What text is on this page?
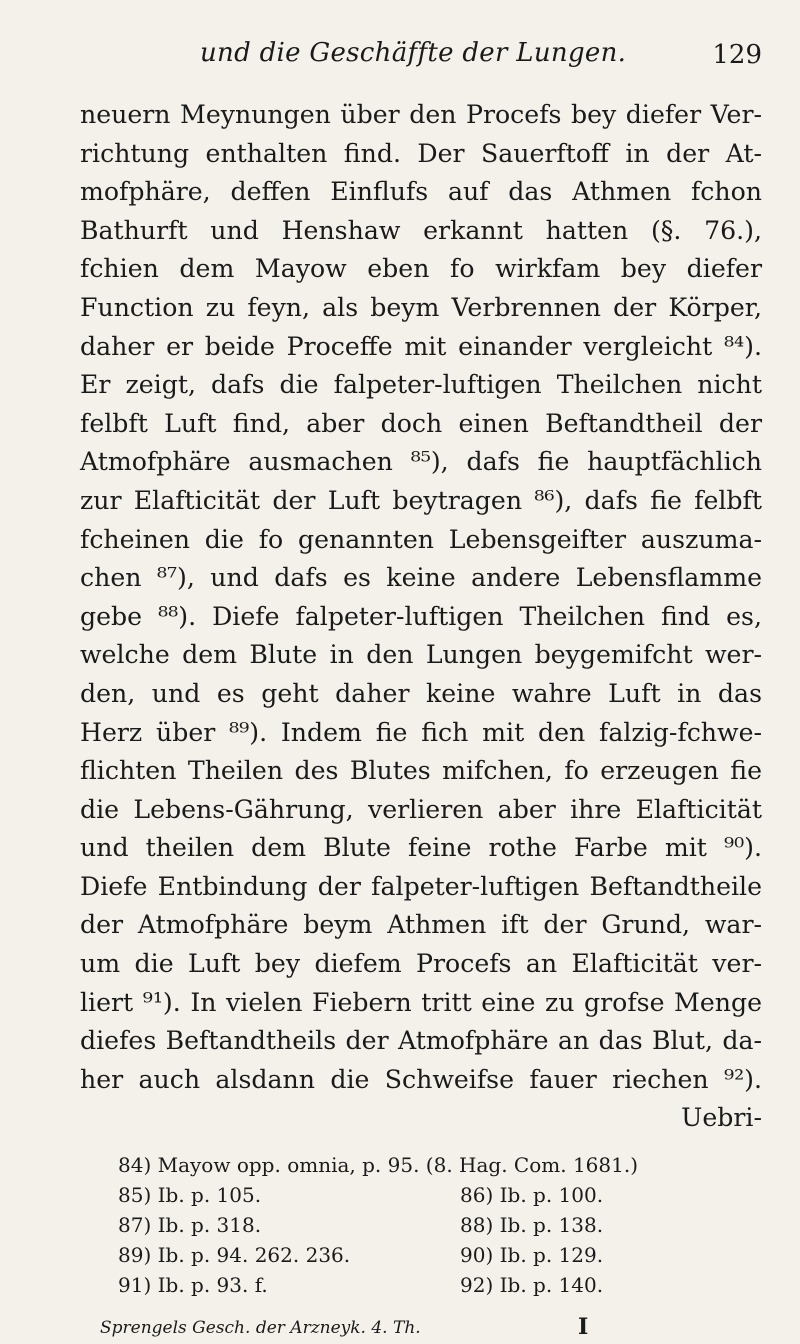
und die Geschäffte der Lungen.	129
neuern Meynungen über den Procefs bey diefer Ver-
richtung enthalten find. Der Sauerftoff in der At-
mofphäre, deffen Einflufs auf das Athmen fchon
Bathurft und Henshaw erkannt hatten (§. 76.),
fchien dem Mayow eben fo wirkfam bey diefer
Function zu feyn, als beym Verbrennen der Körper,
daher er beide Proceffe mit einander vergleicht ⁸⁴).
Er zeigt, dafs die falpeter-luftigen Theilchen nicht
felbft Luft find, aber doch einen Beftandtheil der
Atmofphäre ausmachen ⁸⁵), dafs fie hauptfächlich
zur Elafticität der Luft beytragen ⁸⁶), dafs fie felbft
fcheinen die fo genannten Lebensgeifter auszuma-
chen ⁸⁷), und dafs es keine andere Lebensflamme
gebe ⁸⁸). Diefe falpeter-luftigen Theilchen find es,
welche dem Blute in den Lungen beygemifcht wer-
den, und es geht daher keine wahre Luft in das
Herz über ⁸⁹). Indem fie fich mit den falzig-fchwe-
flichten Theilen des Blutes mifchen, fo erzeugen fie
die Lebens-Gährung, verlieren aber ihre Elafticität
und theilen dem Blute feine rothe Farbe mit ⁹⁰).
Diefe Entbindung der falpeter-luftigen Beftandtheile
der Atmofphäre beym Athmen ift der Grund, war-
um die Luft bey diefem Procefs an Elafticität ver-
liert ⁹¹). In vielen Fiebern tritt eine zu grofse Menge
diefes Beftandtheils der Atmofphäre an das Blut, da-
her auch alsdann die Schweifse fauer riechen ⁹²).
Uebri-
84) Mayow opp. omnia, p. 95. (8. Hag. Com. 1681.)
85) Ib. p. 105.	86) Ib. p. 100.
87) Ib. p. 318.	88) Ib. p. 138.
89) Ib. p. 94. 262. 236.	90) Ib. p. 129.
91) Ib. p. 93. f.	92) Ib. p. 140.
Sprengels Gesch. der Arzneyk. 4. Th.	I
